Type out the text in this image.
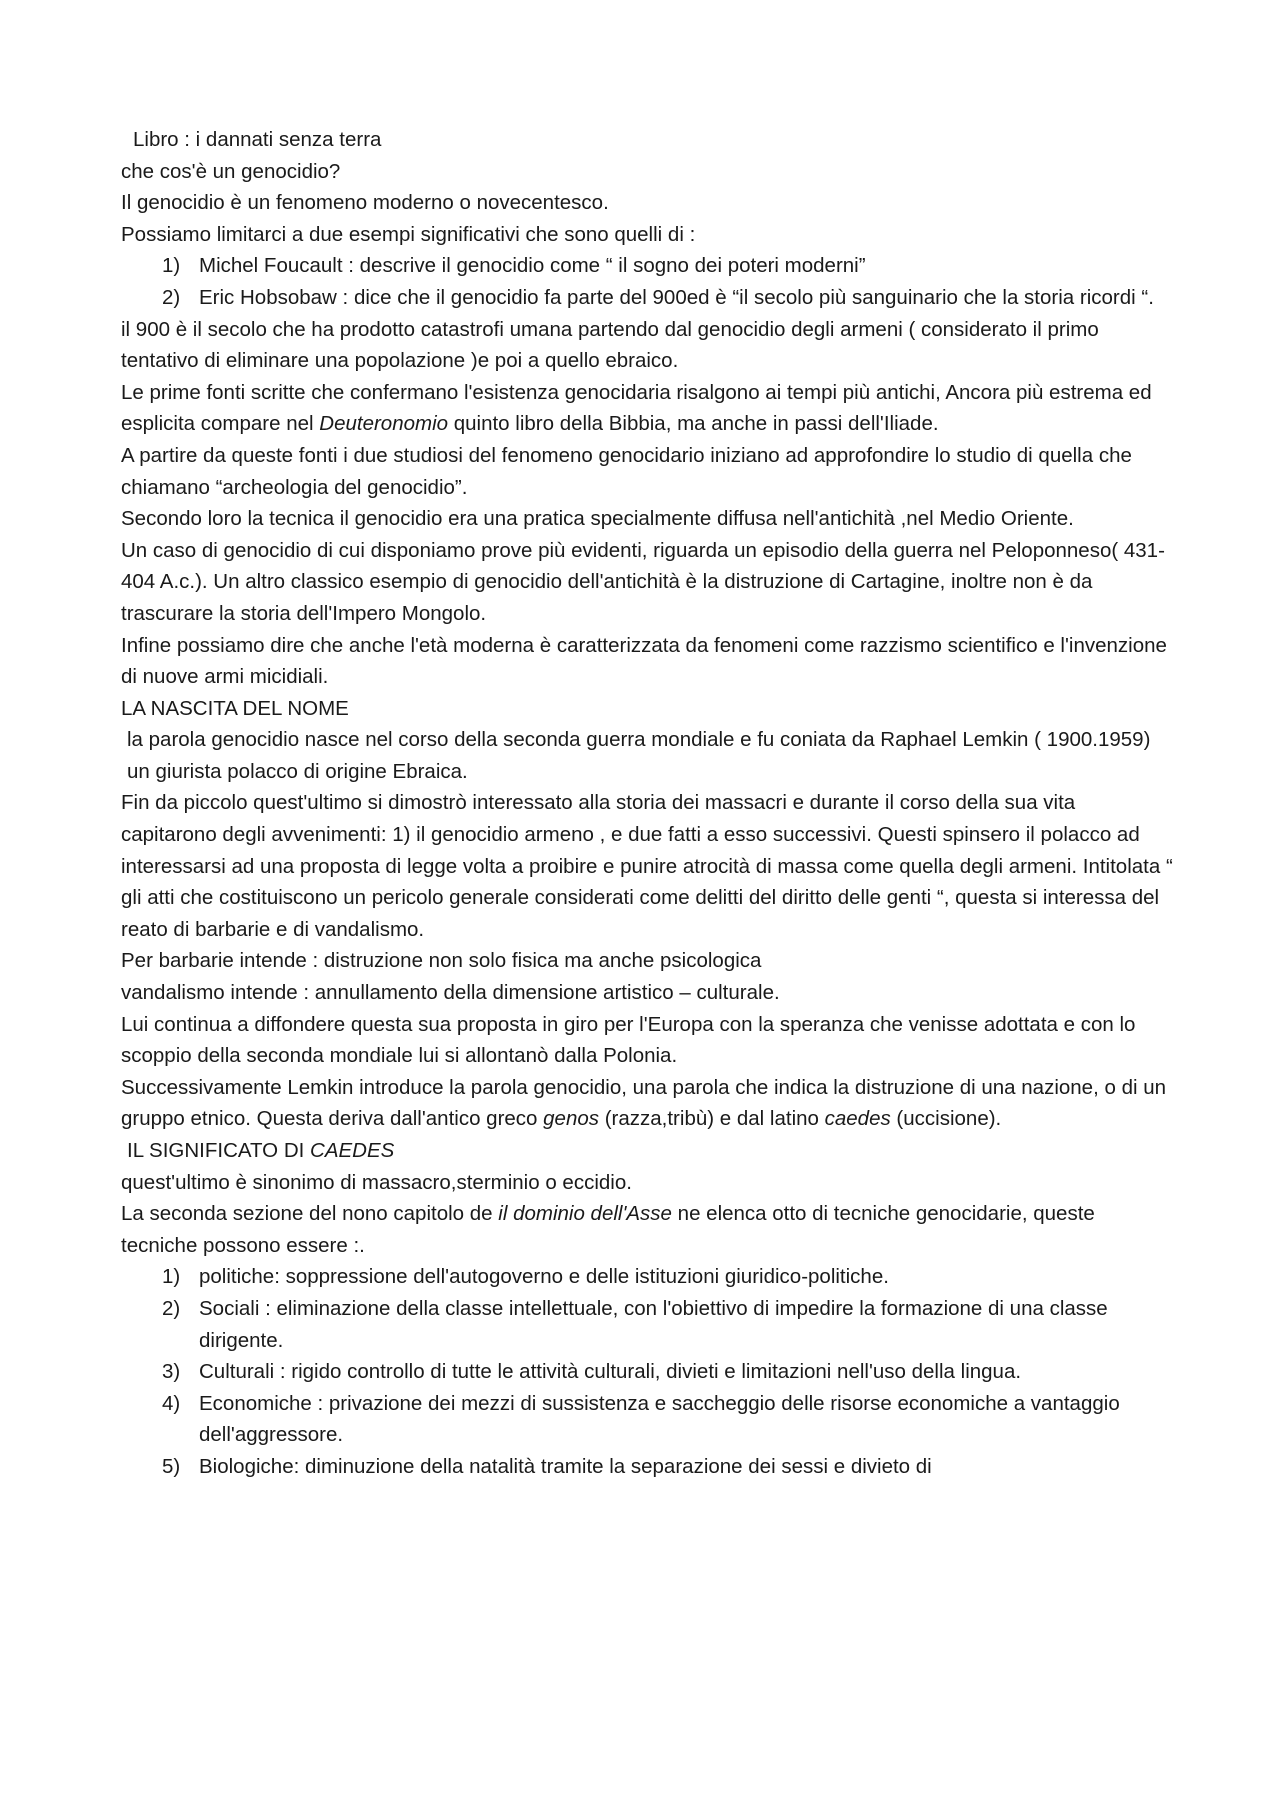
Libro : i dannati senza terra

che cos'è un genocidio?

Il genocidio è un fenomeno moderno o novecentesco.

Possiamo limitarci a due esempi significativi che sono quelli di :

1) Michel Foucault : descrive il genocidio come “ il sogno dei poteri moderni”
2) Eric Hobsobaw : dice che il genocidio fa parte del 900ed è “il secolo più sanguinario che la storia ricordi “.

il 900 è il secolo che ha prodotto catastrofi umana partendo dal genocidio degli armeni ( considerato il primo tentativo di eliminare una popolazione )e poi a quello ebraico.

Le prime fonti scritte che confermano l'esistenza genocidaria risalgono ai tempi più antichi, Ancora più estrema ed esplicita compare nel Deuteronomio quinto libro della Bibbia, ma anche in passi dell'Iliade.

A partire da queste fonti i due studiosi del fenomeno genocidario iniziano ad approfondire lo studio di quella che chiamano “archeologia del genocidio”.

Secondo loro la tecnica il genocidio era una pratica specialmente diffusa nell'antichità ,nel Medio Oriente.

Un caso di genocidio di cui disponiamo prove più evidenti, riguarda un episodio della guerra nel Peloponneso( 431-404 A.c.). Un altro classico esempio di genocidio dell'antichità è la distruzione di Cartagine, inoltre non è da trascurare la storia dell'Impero Mongolo.

Infine possiamo dire che anche l'età moderna è caratterizzata da fenomeni come razzismo scientifico e l'invenzione di nuove armi micidiali.

LA NASCITA DEL NOME

la parola genocidio nasce nel corso della seconda guerra mondiale e fu coniata da Raphael Lemkin ( 1900.1959) un giurista polacco di origine Ebraica.

Fin da piccolo quest'ultimo si dimostrò interessato alla storia dei massacri e durante il corso della sua vita capitarono degli avvenimenti: 1) il genocidio armeno , e due fatti a esso successivi. Questi spinsero il polacco ad interessarsi ad una proposta di legge volta a proibire e punire atrocità di massa come quella degli armeni. Intitolata “ gli atti che costituiscono un pericolo generale considerati come delitti del diritto delle genti “, questa si interessa del reato di barbarie e di vandalismo.

Per barbarie intende : distruzione non solo fisica ma anche psicologica

vandalismo intende : annullamento della dimensione artistico – culturale.

Lui continua a diffondere questa sua proposta in giro per l'Europa con la speranza che venisse adottata e con lo scoppio della seconda mondiale lui si allontanò dalla Polonia.

Successivamente Lemkin introduce la parola genocidio, una parola che indica la distruzione di una nazione, o di un gruppo etnico. Questa deriva dall'antico greco genos (razza,tribù) e dal latino caedes (uccisione).

IL SIGNIFICATO DI CAEDES

quest'ultimo è sinonimo di massacro,sterminio o eccidio.

La seconda sezione del nono capitolo de il dominio dell'Asse ne elenca otto di tecniche genocidarie, queste tecniche possono essere :.

1) politiche: soppressione dell'autogoverno e delle istituzioni giuridico-politiche.
2) Sociali : eliminazione della classe intellettuale, con l'obiettivo di impedire la formazione di una classe dirigente.
3) Culturali : rigido controllo di tutte le attività culturali, divieti e limitazioni nell'uso della lingua.
4) Economiche : privazione dei mezzi di sussistenza e saccheggio delle risorse economiche a vantaggio dell'aggressore.
5) Biologiche: diminuzione della natalità tramite la separazione dei sessi e divieto di
